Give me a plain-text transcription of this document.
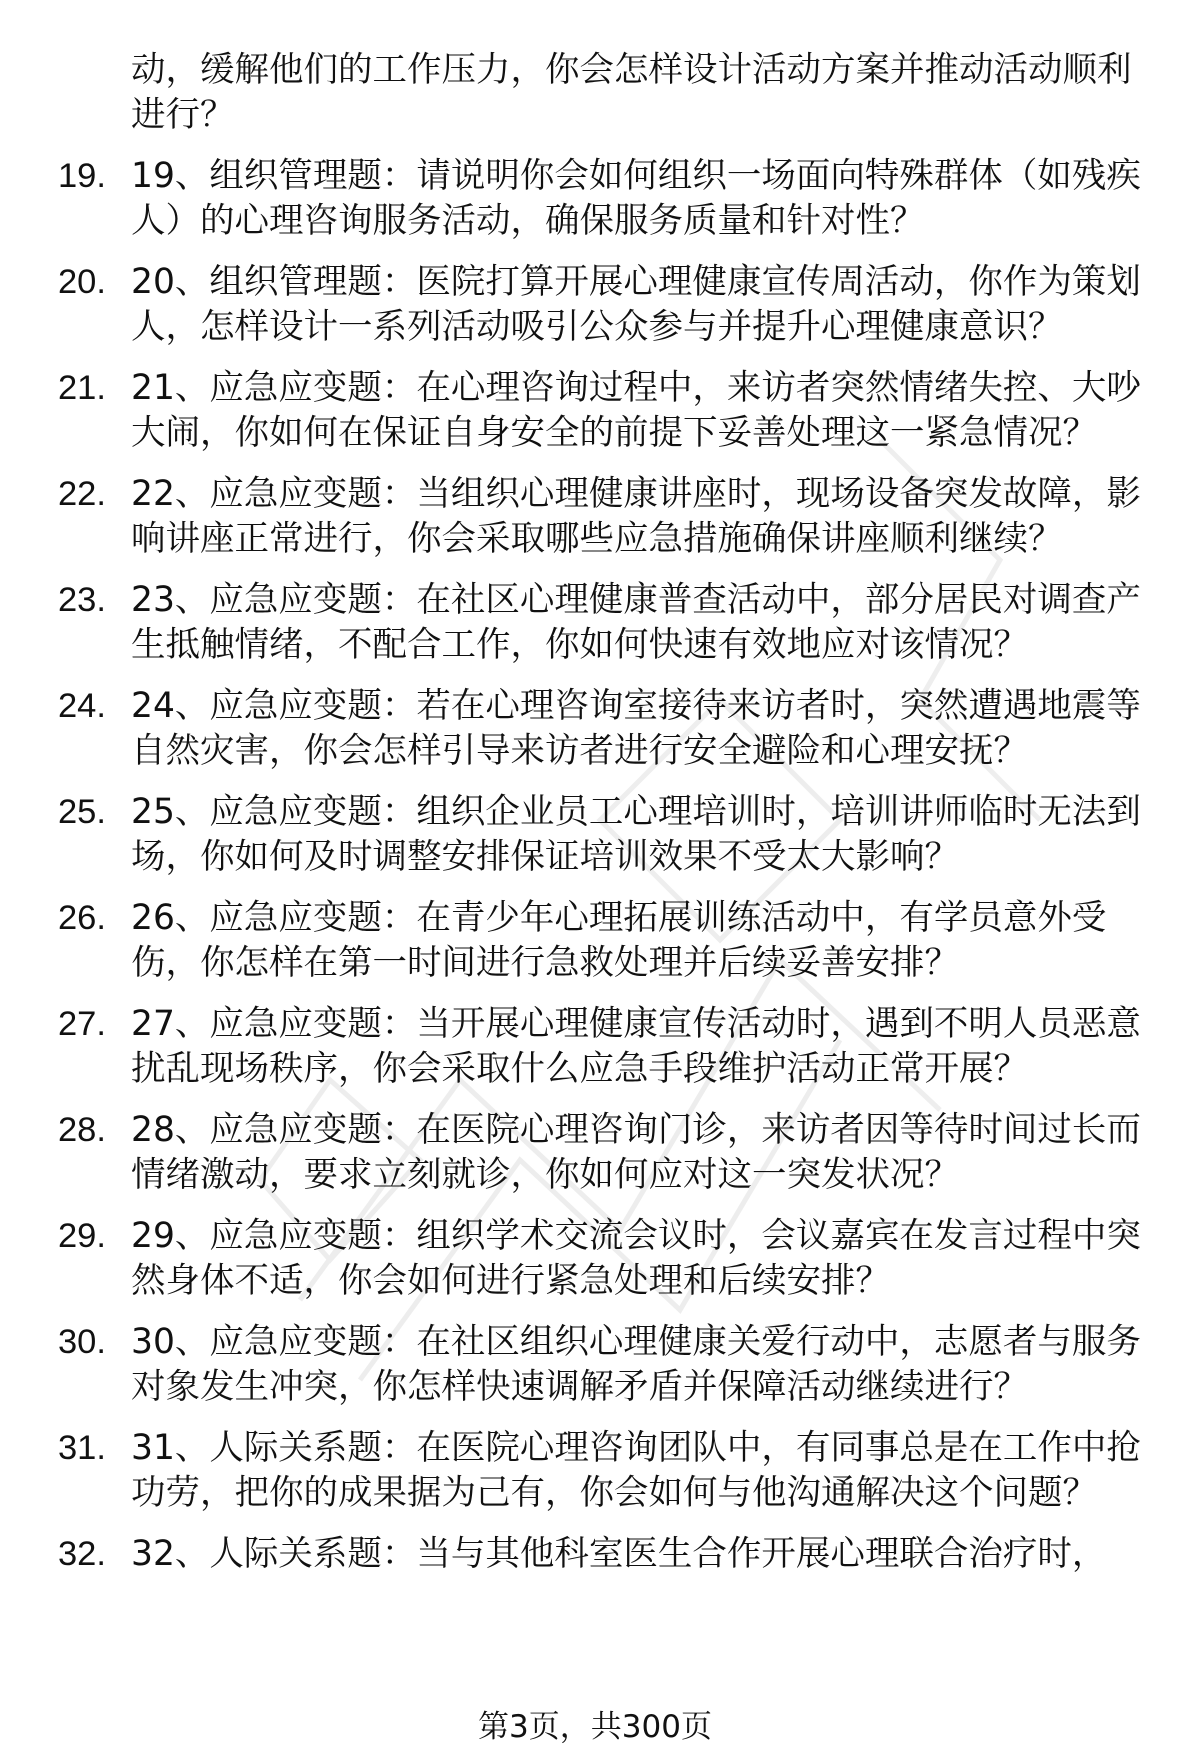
动，缓解他们的工作压力，你会怎样设计活动方案并推动活动顺利进行？
19. 19、组织管理题：请说明你会如何组织一场面向特殊群体（如残疾人）的心理咨询服务活动，确保服务质量和针对性？
20. 20、组织管理题：医院打算开展心理健康宣传周活动，你作为策划人，怎样设计一系列活动吸引公众参与并提升心理健康意识？
21. 21、应急应变题：在心理咨询过程中，来访者突然情绪失控、大吵大闹，你如何在保证自身安全的前提下妥善处理这一紧急情况？
22. 22、应急应变题：当组织心理健康讲座时，现场设备突发故障，影响讲座正常进行，你会采取哪些应急措施确保讲座顺利继续？
23. 23、应急应变题：在社区心理健康普查活动中，部分居民对调查产生抵触情绪，不配合工作，你如何快速有效地应对该情况？
24. 24、应急应变题：若在心理咨询室接待来访者时，突然遭遇地震等自然灾害，你会怎样引导来访者进行安全避险和心理安抚？
25. 25、应急应变题：组织企业员工心理培训时，培训讲师临时无法到场，你如何及时调整安排保证培训效果不受太大影响？
26. 26、应急应变题：在青少年心理拓展训练活动中，有学员意外受伤，你怎样在第一时间进行急救处理并后续妥善安排？
27. 27、应急应变题：当开展心理健康宣传活动时，遇到不明人员恶意扰乱现场秩序，你会采取什么应急手段维护活动正常开展？
28. 28、应急应变题：在医院心理咨询门诊，来访者因等待时间过长而情绪激动，要求立刻就诊，你如何应对这一突发状况？
29. 29、应急应变题：组织学术交流会议时，会议嘉宾在发言过程中突然身体不适，你会如何进行紧急处理和后续安排？
30. 30、应急应变题：在社区组织心理健康关爱行动中，志愿者与服务对象发生冲突，你怎样快速调解矛盾并保障活动继续进行？
31. 31、人际关系题：在医院心理咨询团队中，有同事总是在工作中抢功劳，把你的成果据为己有，你会如何与他沟通解决这个问题？
32. 32、人际关系题：当与其他科室医生合作开展心理联合治疗时，
第3页，共300页
